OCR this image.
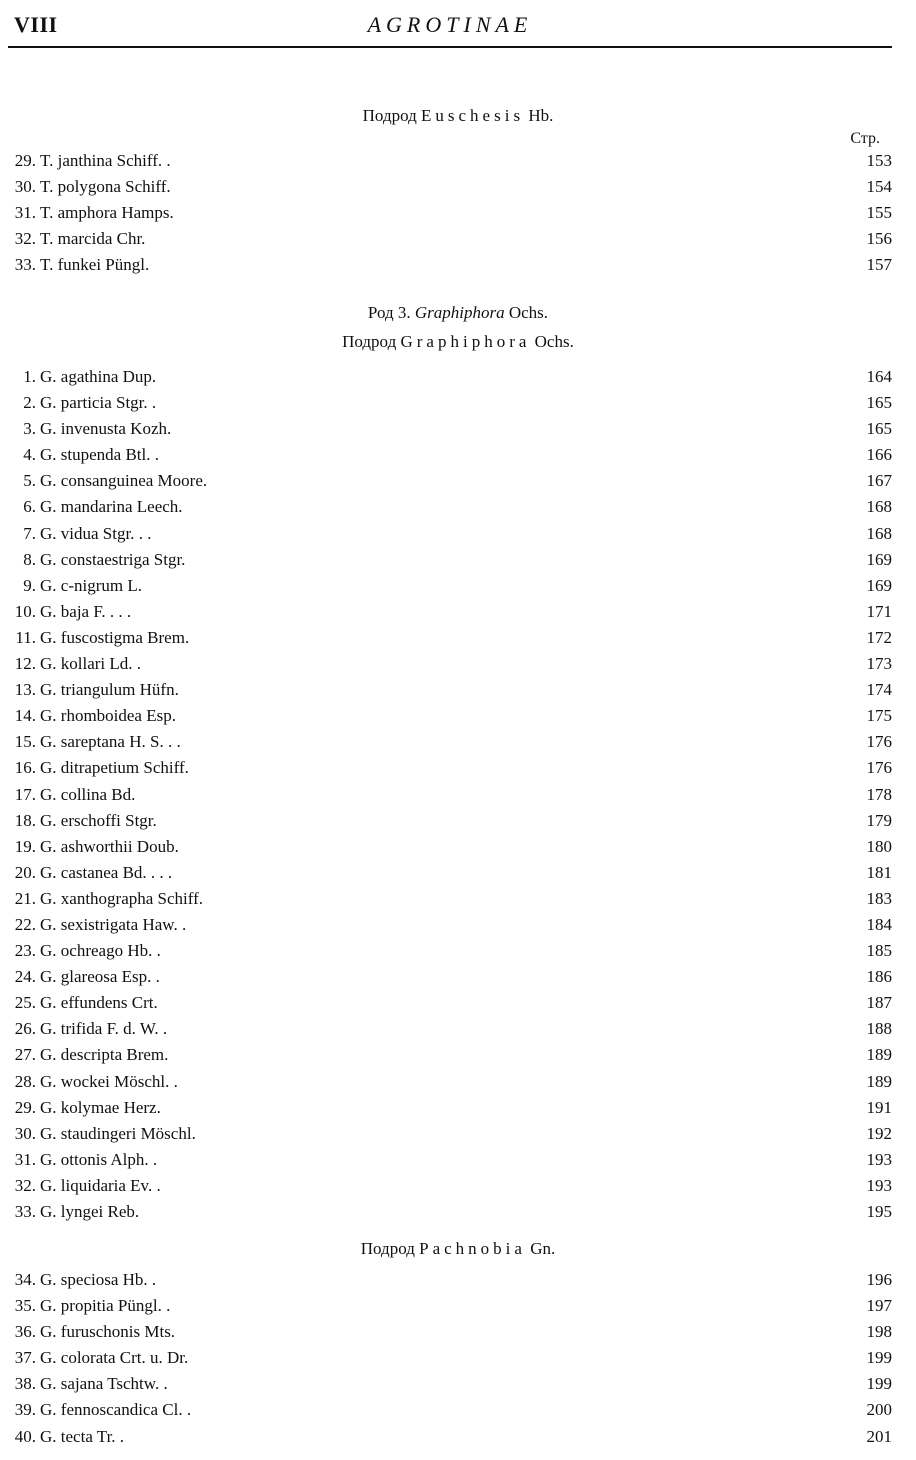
VIII	AGROTINAE
Подрод Euschesis Hb.
Стр.
29. T. janthina Schiff. .	153
30. T. polygona Schiff.	154
31. T. amphora Hamps.	155
32. T. marcida Chr.	156
33. T. funkei Püngl.	157
Род 3. Graphiphora Ochs.
Подрод Graphiphora Ochs.
1. G. agathina Dup.	164
2. G. particia Stgr. .	165
3. G. invenusta Kozh.	165
4. G. stupenda Btl. .	166
5. G. consanguinea Moore.	167
6. G. mandarina Leech.	168
7. G. vidua Stgr. . .	168
8. G. constaestriga Stgr.	169
9. G. c-nigrum L.	169
10. G. baja F. . . .	171
11. G. fuscostigma Brem.	172
12. G. kollari Ld. .	173
13. G. triangulum Hüfn.	174
14. G. rhomboidea Esp.	175
15. G. sareptana H. S. . .	176
16. G. ditrapetium Schiff.	176
17. G. collina Bd.	178
18. G. erschoffi Stgr.	179
19. G. ashworthii Doub.	180
20. G. castanea Bd. . . .	181
21. G. xanthographa Schiff.	183
22. G. sexistrigata Haw. .	184
23. G. ochreago Hb. .	185
24. G. glareosa Esp. .	186
25. G. effundens Crt.	187
26. G. trifida F. d. W. .	188
27. G. descripta Brem.	189
28. G. wockei Möschl. .	189
29. G. kolymae Herz.	191
30. G. staudingeri Möschl.	192
31. G. ottonis Alph. .	193
32. G. liquidaria Ev. .	193
33. G. lyngei Reb.	195
Подрод Pachnobia Gn.
34. G. speciosa Hb. .	196
35. G. propitia Püngl. .	197
36. G. furuschonis Mts.	198
37. G. colorata Crt. u. Dr.	199
38. G. sajana Tschtw. .	199
39. G. fennoscandica Cl. .	200
40. G. tecta Tr. .	201
